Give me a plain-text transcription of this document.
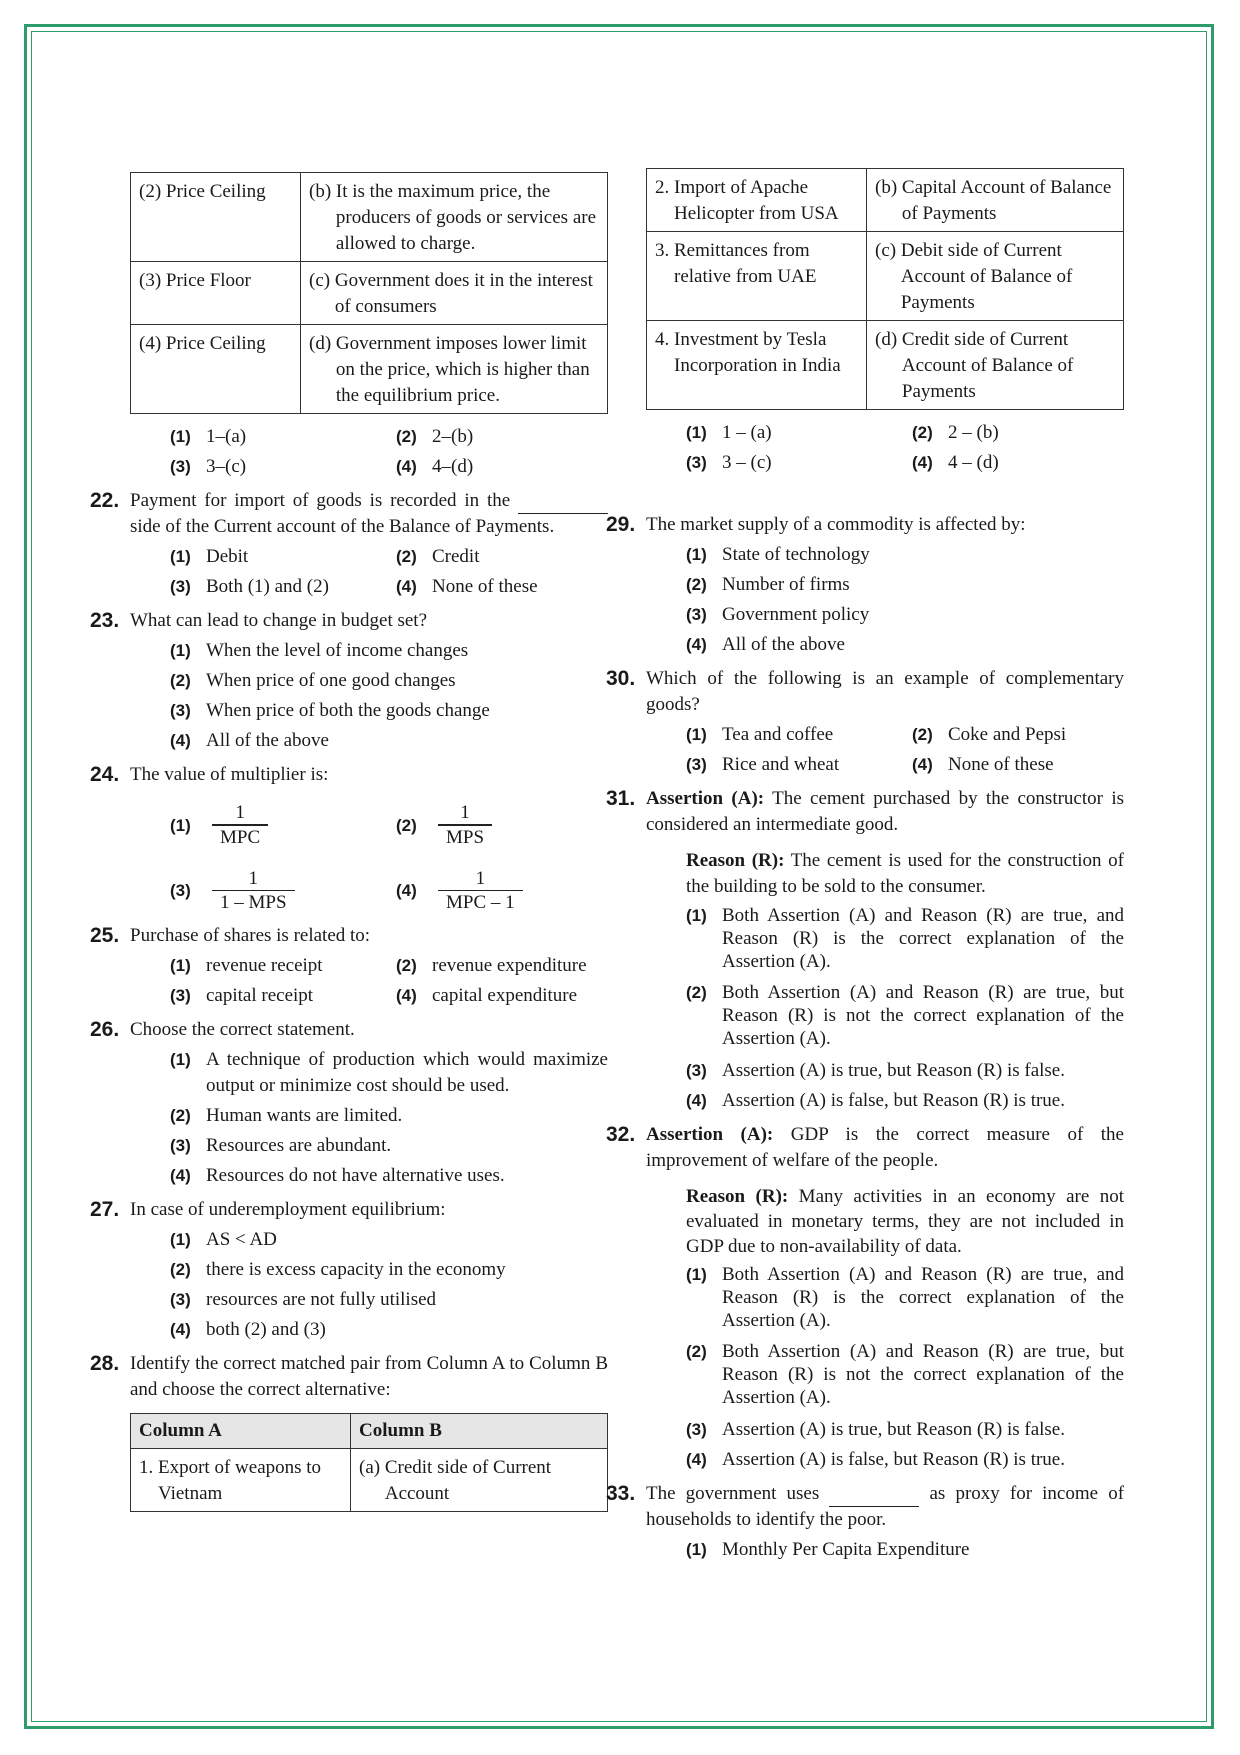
(2) Price Ceiling	(b) It is the maximum price, the producers of goods or services are allowed to charge.

(3) Price Floor	(c) Government does it in the interest of consumers

(4) Price Ceiling	(d) Government imposes lower limit on the price, which is higher than the equilibrium price.
(1) 1–(a)	(2) 2–(b)
(3) 3–(c)	(4) 4–(d)
22. Payment for import of goods is recorded in the  side of the Current account of the Balance of Payments.
(1) Debit	(2) Credit
(3) Both (1) and (2)	(4) None of these
23. What can lead to change in budget set?
(1) When the level of income changes
(2) When price of one good changes
(3) When price of both the goods change
(4) All of the above
24. The value of multiplier is:
(1)	$\frac{1}{\text{MPC}}$	(2)	$\frac{1}{\text{MPS}}$
(3)	$\frac{1}{\text{1 – MPS}}$	(4)	$\frac{1}{\text{MPC – 1}}$
25. Purchase of shares is related to:
(1) revenue receipt	(2) revenue expenditure
(3) capital receipt	(4) capital expenditure
26. Choose the correct statement.
(1) A technique of production which would maximize output or minimize cost should be used.
(2) Human wants are limited.
(3) Resources are abundant.
(4) Resources do not have alternative uses.
27. In case of underemployment equilibrium:
(1) AS < AD
(2) there is excess capacity in the economy
(3) resources are not fully utilised
(4) both (2) and (3)
28. Identify the correct matched pair from Column A to Column B and choose the correct alternative:
Column A	Column B

1. Export of weapons to Vietnam	(a) Credit side of Current Account
2. Import of Apache Helicopter from USA	(b) Capital Account of Balance of Payments

3. Remittances from relative from UAE	(c) Debit side of Current Account of Balance of Payments

4. Investment by Tesla Incorporation in India	(d) Credit side of Current Account of Balance of Payments
(1) 1 – (a)	(2) 2 – (b)
(3) 3 – (c)	(4) 4 – (d)
29. The market supply of a commodity is affected by:
(1) State of technology
(2) Number of firms
(3) Government policy
(4) All of the above
30. Which of the following is an example of complementary goods?
(1) Tea and coffee	(2) Coke and Pepsi
(3) Rice and wheat	(4) None of these
31. Assertion (A): The cement purchased by the constructor is considered an intermediate good.
Reason (R): The cement is used for the construction of the building to be sold to the consumer.
(1) Both Assertion (A) and Reason (R) are true, and Reason (R) is the correct explanation of the Assertion (A).
(2) Both Assertion (A) and Reason (R) are true, but Reason (R) is not the correct explanation of the Assertion (A).
(3) Assertion (A) is true, but Reason (R) is false.
(4) Assertion (A) is false, but Reason (R) is true.
32. Assertion (A): GDP is the correct measure of the improvement of welfare of the people.
Reason (R): Many activities in an economy are not evaluated in monetary terms, they are not included in GDP due to non-availability of data.
(1) Both Assertion (A) and Reason (R) are true, and Reason (R) is the correct explanation of the Assertion (A).
(2) Both Assertion (A) and Reason (R) are true, but Reason (R) is not the correct explanation of the Assertion (A).
(3) Assertion (A) is true, but Reason (R) is false.
(4) Assertion (A) is false, but Reason (R) is true.
33. The government uses	as proxy for income of households to identify the poor.
(1) Monthly Per Capita Expenditure
